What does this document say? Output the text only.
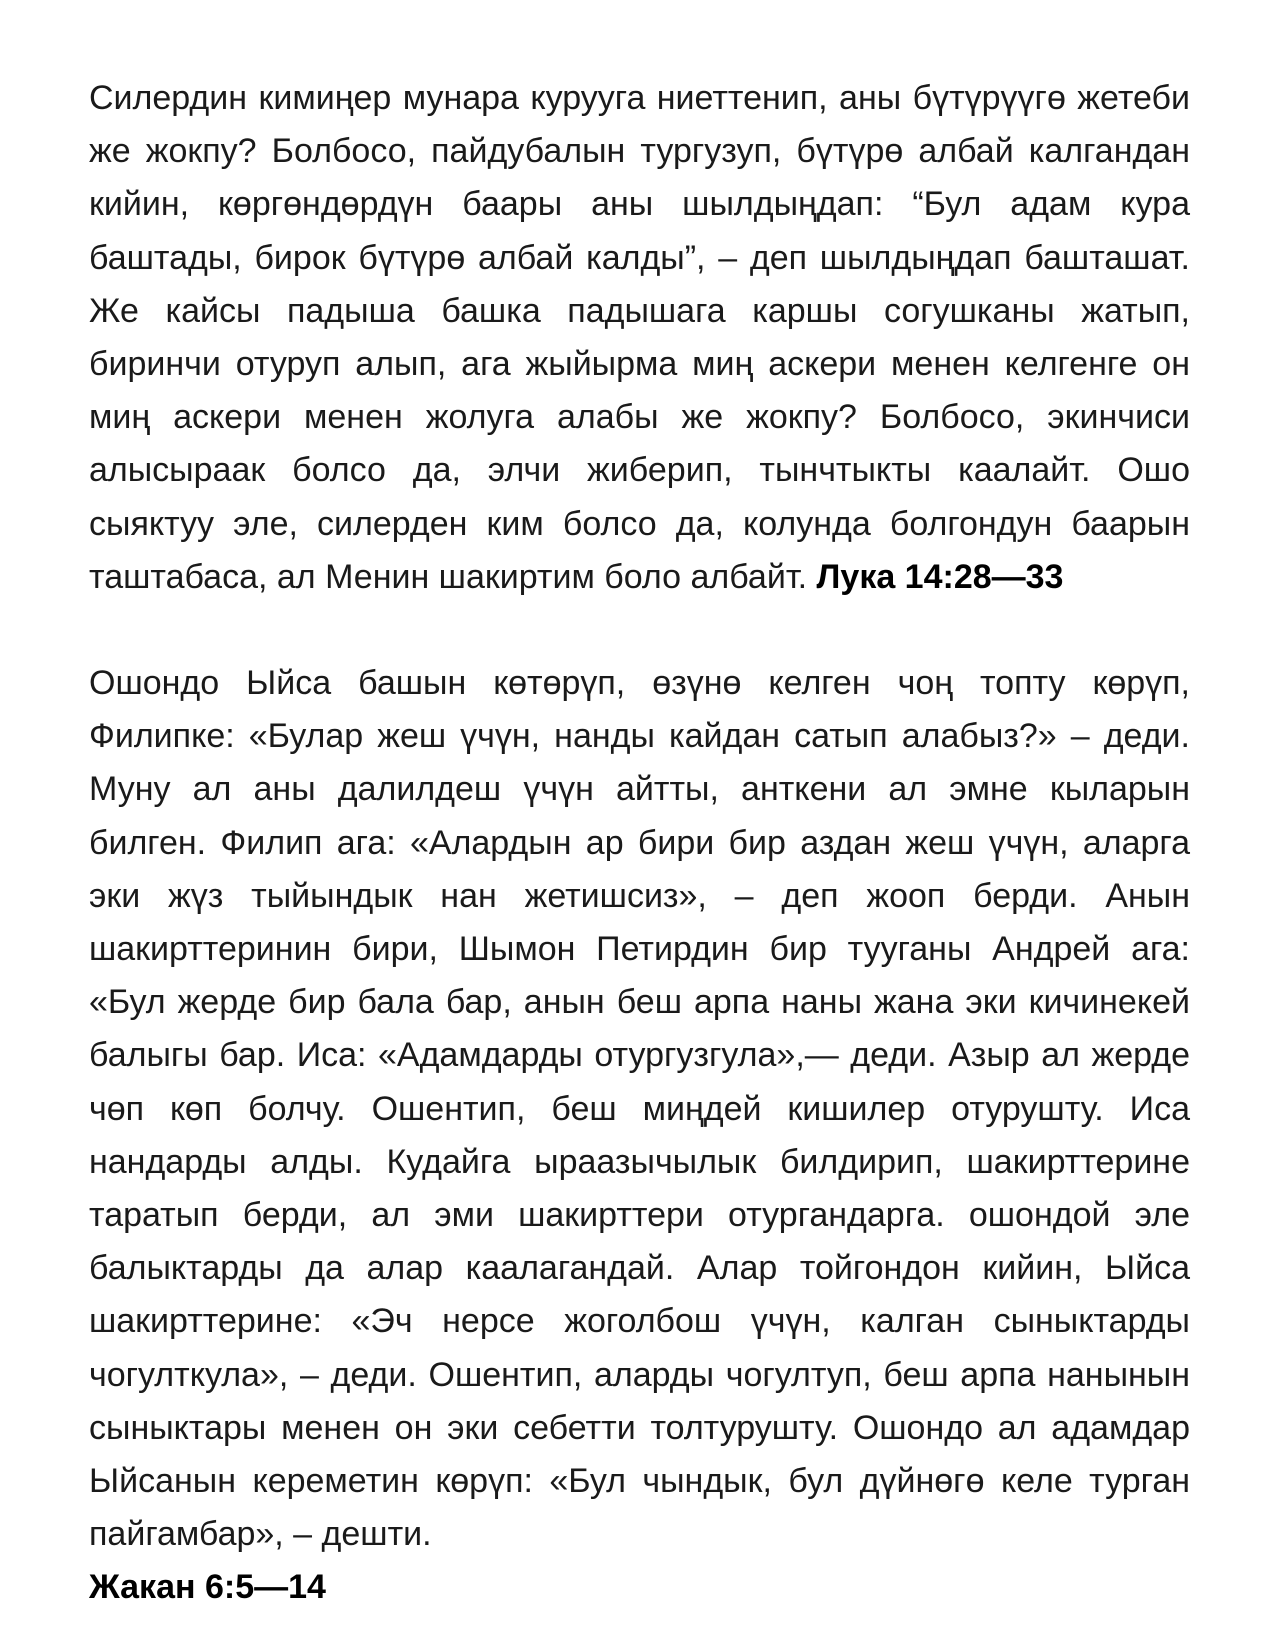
Силердин кимиңер мунара курууга ниеттенип, аны бүтүрүүгө жетеби же жокпу? Болбосо, пайдубалын тургузуп, бүтүрө албай калгандан кийин, көргөндөрдүн баары аны шылдыңдап: “Бул адам кура баштады, бирок бүтүрө албай калды”, – деп шылдыңдап башташат. Же кайсы падыша башка падышага каршы согушканы жатып, биринчи отуруп алып, ага жыйырма миң аскери менен келгенге он миң аскери менен жолуга алабы же жокпу? Болбосо, экинчиси алысыраак болсо да, элчи жиберип, тынчтыкты каалайт. Ошо сыяктуу эле, силерден ким болсо да, колунда болгондун баарын таштабаса, ал Менин шакиртим боло албайт. Лука 14:28—33

Ошондо Ыйса башын көтөрүп, өзүнө келген чоң топту көрүп, Филипке: «Булар жеш үчүн, нанды кайдан сатып алабыз?» – деди. Муну ал аны далилдеш үчүн айтты, анткени ал эмне кыларын билген. Филип ага: «Алардын ар бири бир аздан жеш үчүн, аларга эки жүз тыйындык нан жетишсиз», – деп жооп берди. Анын шакирттеринин бири, Шымон Петирдин бир тууганы Андрей ага: «Бул жерде бир бала бар, анын беш арпа наны жана эки кичинекей балыгы бар. Иса: «Адамдарды отургузгула»,— деди. Азыр ал жерде чөп көп болчу. Ошентип, беш миңдей кишилер отурушту. Иса нандарды алды. Кудайга ыраазычылык билдирип, шакирттерине таратып берди, ал эми шакирттери отургандарга. ошондой эле балыктарды да алар каалагандай. Алар тойгондон кийин, Ыйса шакирттерине: «Эч нерсе жоголбош үчүн, калган сыныктарды чогулткула», – деди. Ошентип, аларды чогултуп, беш арпа нанынын сыныктары менен он эки себетти толтурушту. Ошондо ал адамдар Ыйсанын кереметин көрүп: «Бул чындык, бул дүйнөгө келе турган пайгамбар», – дешти.
Жакан 6:5—14
